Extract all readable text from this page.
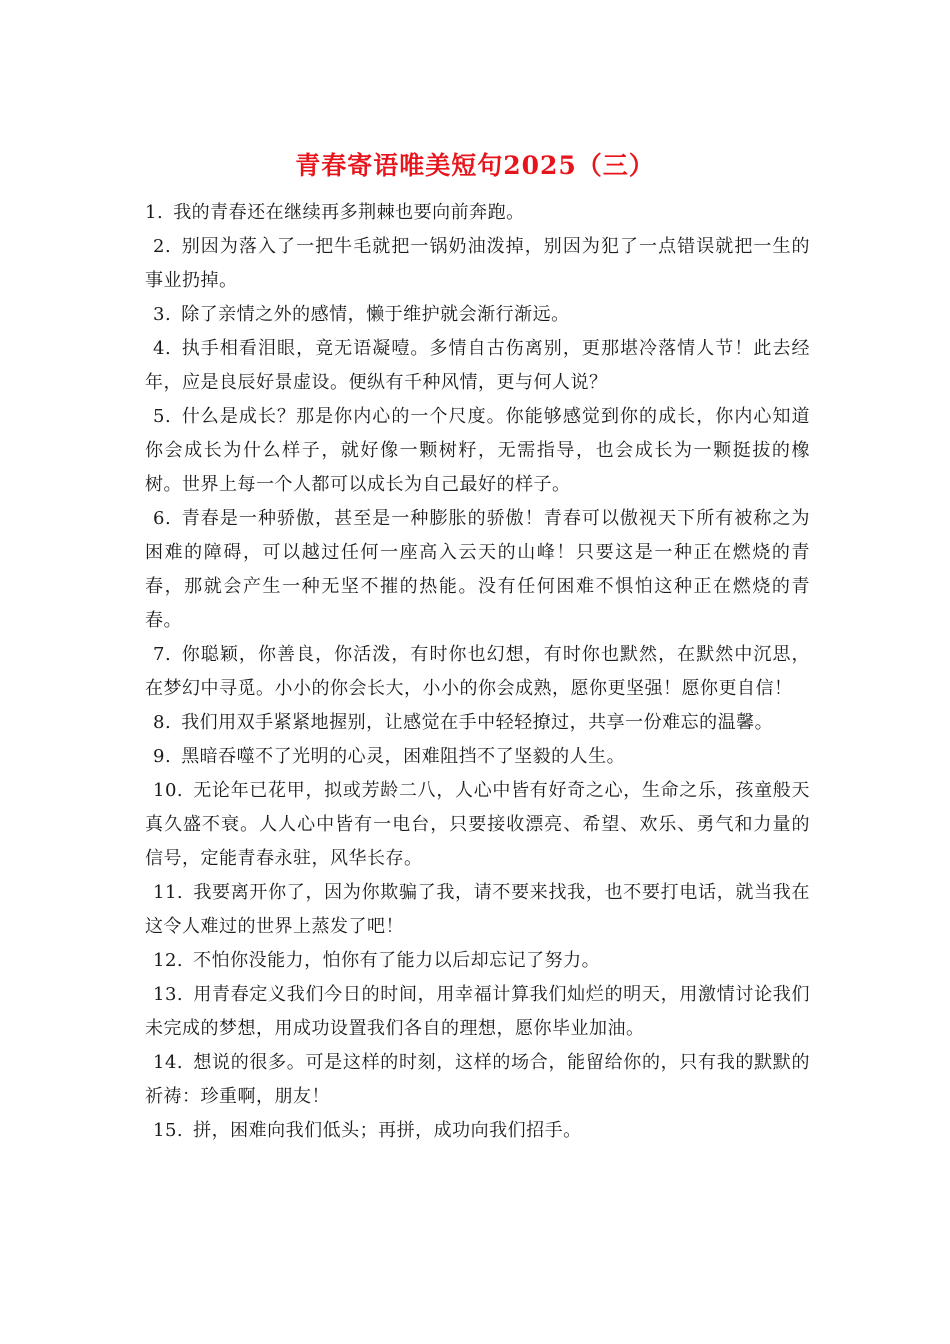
青春寄语唯美短句2025（三）

1. 我的青春还在继续再多荆棘也要向前奔跑。

2. 别因为落入了一把牛毛就把一锅奶油泼掉，别因为犯了一点错误就把一生的事业扔掉。

3. 除了亲情之外的感情，懒于维护就会渐行渐远。

4. 执手相看泪眼，竟无语凝噎。多情自古伤离别，更那堪冷落情人节！此去经年，应是良辰好景虚设。便纵有千种风情，更与何人说？

5. 什么是成长？那是你内心的一个尺度。你能够感觉到你的成长，你内心知道你会成长为什么样子，就好像一颗树籽，无需指导，也会成长为一颗挺拔的橡树。世界上每一个人都可以成长为自己最好的样子。

6. 青春是一种骄傲，甚至是一种膨胀的骄傲！青春可以傲视天下所有被称之为困难的障碍，可以越过任何一座高入云天的山峰！只要这是一种正在燃烧的青春，那就会产生一种无坚不摧的热能。没有任何困难不惧怕这种正在燃烧的青春。

7. 你聪颖，你善良，你活泼，有时你也幻想，有时你也默然，在默然中沉思，在梦幻中寻觅。小小的你会长大，小小的你会成熟，愿你更坚强！愿你更自信！

8. 我们用双手紧紧地握别，让感觉在手中轻轻撩过，共享一份难忘的温馨。

9. 黑暗吞噬不了光明的心灵，困难阻挡不了坚毅的人生。

10. 无论年已花甲，拟或芳龄二八，人心中皆有好奇之心，生命之乐，孩童般天真久盛不衰。人人心中皆有一电台，只要接收漂亮、希望、欢乐、勇气和力量的信号，定能青春永驻，风华长存。

11. 我要离开你了，因为你欺骗了我，请不要来找我，也不要打电话，就当我在这令人难过的世界上蒸发了吧！

12. 不怕你没能力，怕你有了能力以后却忘记了努力。

13. 用青春定义我们今日的时间，用幸福计算我们灿烂的明天，用激情讨论我们未完成的梦想，用成功设置我们各自的理想，愿你毕业加油。

14. 想说的很多。可是这样的时刻，这样的场合，能留给你的，只有我的默默的祈祷：珍重啊，朋友！

15. 拼，困难向我们低头；再拼，成功向我们招手。
